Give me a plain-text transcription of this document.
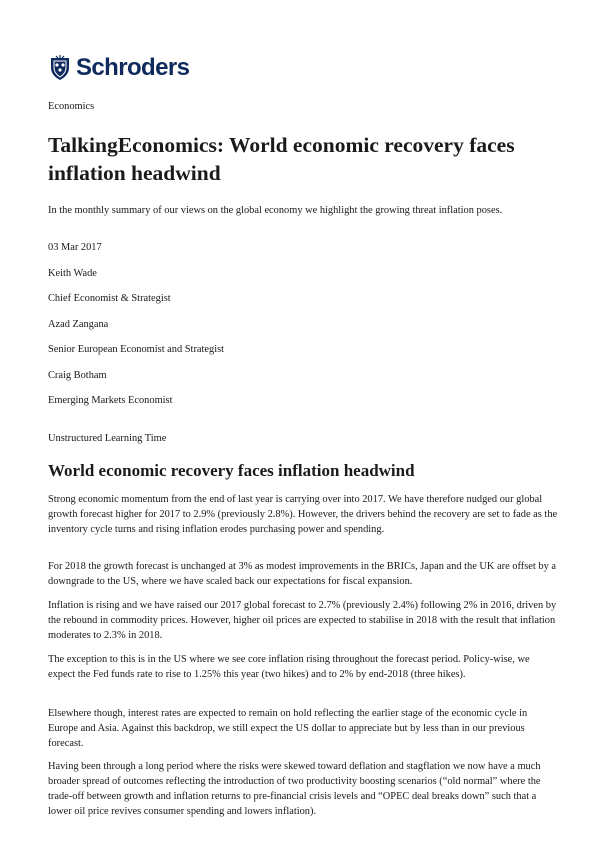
Schroders

Economics

TalkingEconomics: World economic recovery faces inflation headwind

In the monthly summary of our views on the global economy we highlight the growing threat inflation poses.

03 Mar 2017

Keith Wade

Chief Economist & Strategist

Azad Zangana

Senior European Economist and Strategist

Craig Botham

Emerging Markets Economist

Unstructured Learning Time

World economic recovery faces inflation headwind

Strong economic momentum from the end of last year is carrying over into 2017. We have therefore nudged our global growth forecast higher for 2017 to 2.9% (previously 2.8%). However, the drivers behind the recovery are set to fade as the inventory cycle turns and rising inflation erodes purchasing power and spending.

For 2018 the growth forecast is unchanged at 3% as modest improvements in the BRICs, Japan and the UK are offset by a downgrade to the US, where we have scaled back our expectations for fiscal expansion.

Inflation is rising and we have raised our 2017 global forecast to 2.7% (previously 2.4%) following 2% in 2016, driven by the rebound in commodity prices. However, higher oil prices are expected to stabilise in 2018 with the result that inflation moderates to 2.3% in 2018.

The exception to this is in the US where we see core inflation rising throughout the forecast period. Policy-wise, we expect the Fed funds rate to rise to 1.25% this year (two hikes) and to 2% by end-2018 (three hikes).

Elsewhere though, interest rates are expected to remain on hold reflecting the earlier stage of the economic cycle in Europe and Asia. Against this backdrop, we still expect the US dollar to appreciate but by less than in our previous forecast.

Having been through a long period where the risks were skewed toward deflation and stagflation we now have a much broader spread of outcomes reflecting the introduction of two productivity boosting scenarios (“old normal” where the trade-off between growth and inflation returns to pre-financial crisis levels and “OPEC deal breaks down” such that a lower oil price revives consumer spending and lowers inflation).
